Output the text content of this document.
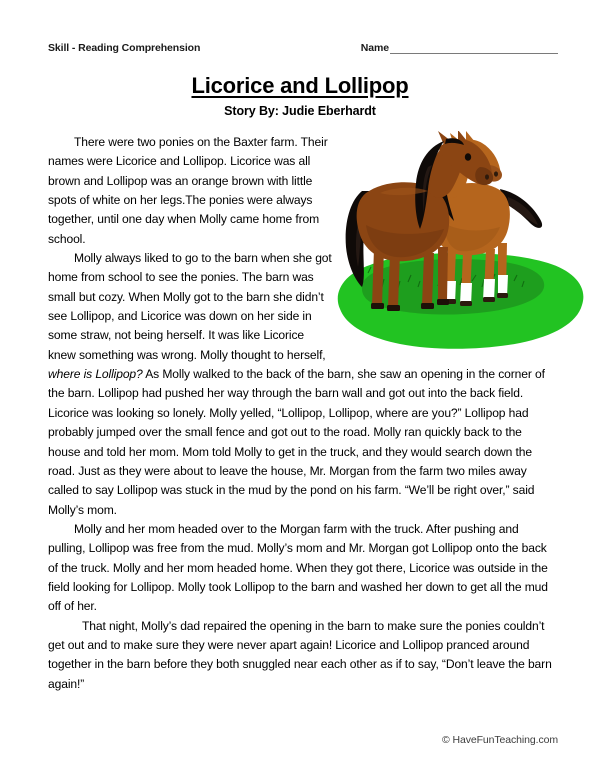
Skill - Reading Comprehension	Name
Licorice and Lollipop

Story By: Judie Eberhardt

There were two ponies on the Baxter farm. Their names were Licorice and Lollipop. Licorice was all brown and Lollipop was an orange brown with little spots of white on her legs.The ponies were always together, until one day when Molly came home from school.

Molly always liked to go to the barn when she got home from school to see the ponies. The barn was small but cozy. When Molly got to the barn she didn’t see Lollipop, and Licorice was down on her side in some straw, not being herself. It was like Licorice knew something was wrong. Molly thought to herself, where is Lollipop? As Molly walked to the back of the barn, she saw an opening in the corner of the barn. Lollipop had pushed her way through the barn wall and got out into the back field. Licorice was looking so lonely. Molly yelled, “Lollipop, Lollipop, where are you?” Lollipop had probably jumped over the small fence and got out to the road. Molly ran quickly back to the house and told her mom. Mom told Molly to get in the truck, and they would search down the road. Just as they were about to leave the house, Mr. Morgan from the farm two miles away called to say Lollipop was stuck in the mud by the pond on his farm. “We’ll be right over,” said Molly’s mom.

Molly and her mom headed over to the Morgan farm with the truck. After pushing and pulling, Lollipop was free from the mud. Molly’s mom and Mr. Morgan got Lollipop onto the back of the truck. Molly and her mom headed home. When they got there, Licorice was outside in the field looking for Lollipop. Molly took Lollipop to the barn and washed her down to get all the mud off of her.

That night, Molly’s dad repaired the opening in the barn to make sure the ponies couldn’t get out and to make sure they were never apart again! Licorice and Lollipop pranced around together in the barn before they both snuggled near each other as if to say, “Don’t leave the barn again!”

© HaveFunTeaching.com
